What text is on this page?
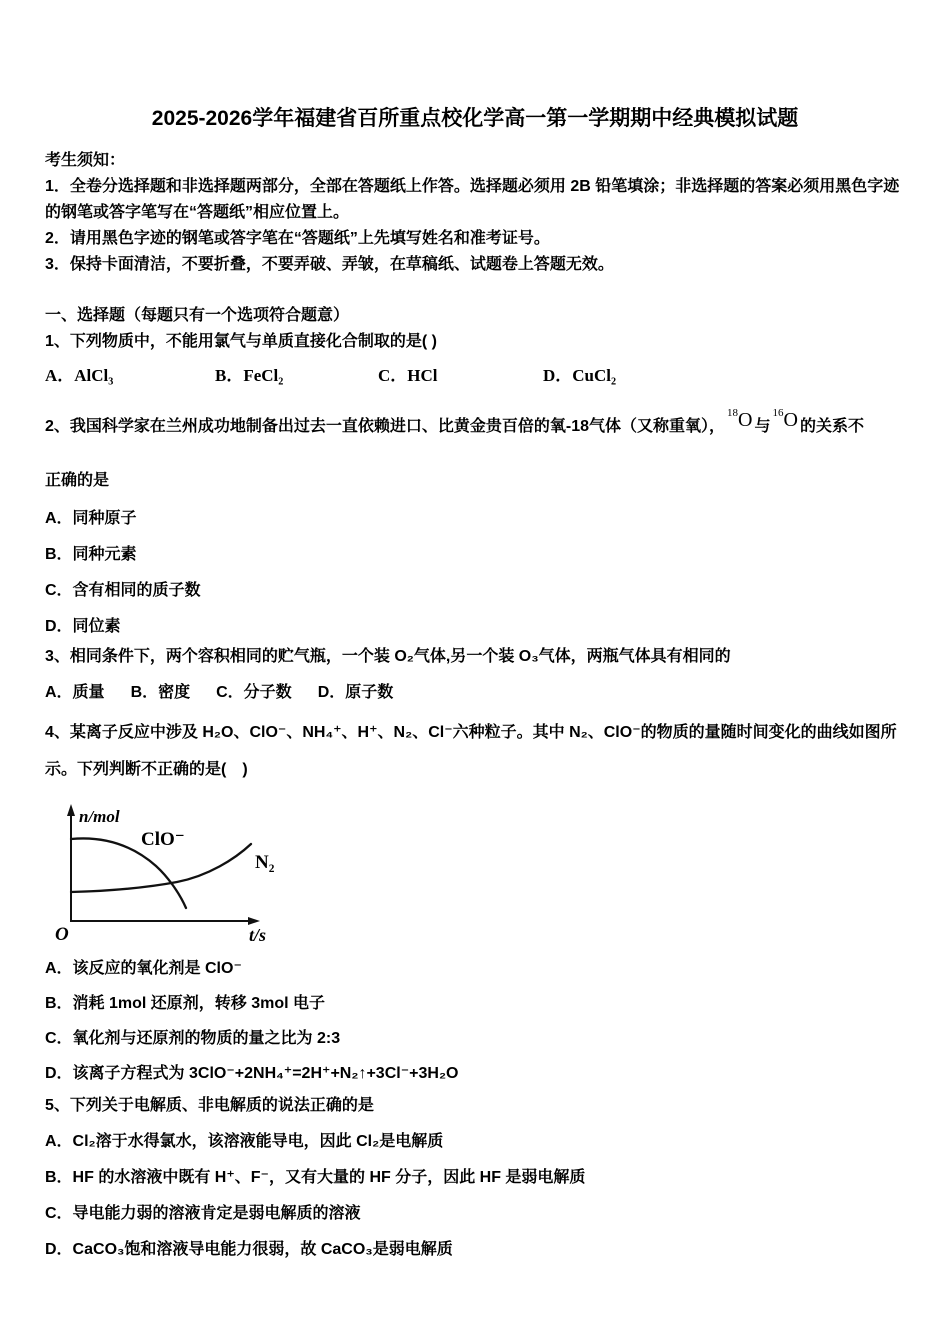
2025-2026学年福建省百所重点校化学高一第一学期期中经典模拟试题
考生须知：
1．全卷分选择题和非选择题两部分，全部在答题纸上作答。选择题必须用 2B 铅笔填涂；非选择题的答案必须用黑色字迹的钢笔或答字笔写在“答题纸”相应位置上。
2．请用黑色字迹的钢笔或答字笔在“答题纸”上先填写姓名和准考证号。
3．保持卡面清洁，不要折叠，不要弄破、弄皱，在草稿纸、试题卷上答题无效。
一、选择题（每题只有一个选项符合题意）
1、下列物质中，不能用氯气与单质直接化合制取的是( )
A．AlCl₃	B．FeCl₂	C．HCl	D．CuCl₂
2、我国科学家在兰州成功地制备出过去一直依赖进口、比黄金贵百倍的氧-18气体（又称重氧），$^{18}$O 与$^{16}$O 的关系不
正确的是
A．同种原子
B．同种元素
C．含有相同的质子数
D．同位素
3、相同条件下，两个容积相同的贮气瓶，一个装 O₂气体,另一个装 O₃气体，两瓶气体具有相同的
A．质量 B．密度 C．分子数 D．原子数
4、某离子反应中涉及 H₂O、ClO⁻、NH₄⁺、H⁺、N₂、Cl⁻六种粒子。其中 N₂、ClO⁻的物质的量随时间变化的曲线如图所示。下列判断不正确的是(　)
n/mol
ClO⁻
N₂
O	t/s
A．该反应的氧化剂是 ClO⁻
B．消耗 1mol 还原剂，转移 3mol 电子
C．氧化剂与还原剂的物质的量之比为 2:3
D．该离子方程式为 3ClO⁻+2NH₄⁺=2H⁺+N₂↑+3Cl⁻+3H₂O
5、下列关于电解质、非电解质的说法正确的是
A．Cl₂溶于水得氯水，该溶液能导电，因此 Cl₂是电解质
B．HF 的水溶液中既有 H⁺、F⁻，又有大量的 HF 分子，因此 HF 是弱电解质
C．导电能力弱的溶液肯定是弱电解质的溶液
D．CaCO₃饱和溶液导电能力很弱，故 CaCO₃是弱电解质
